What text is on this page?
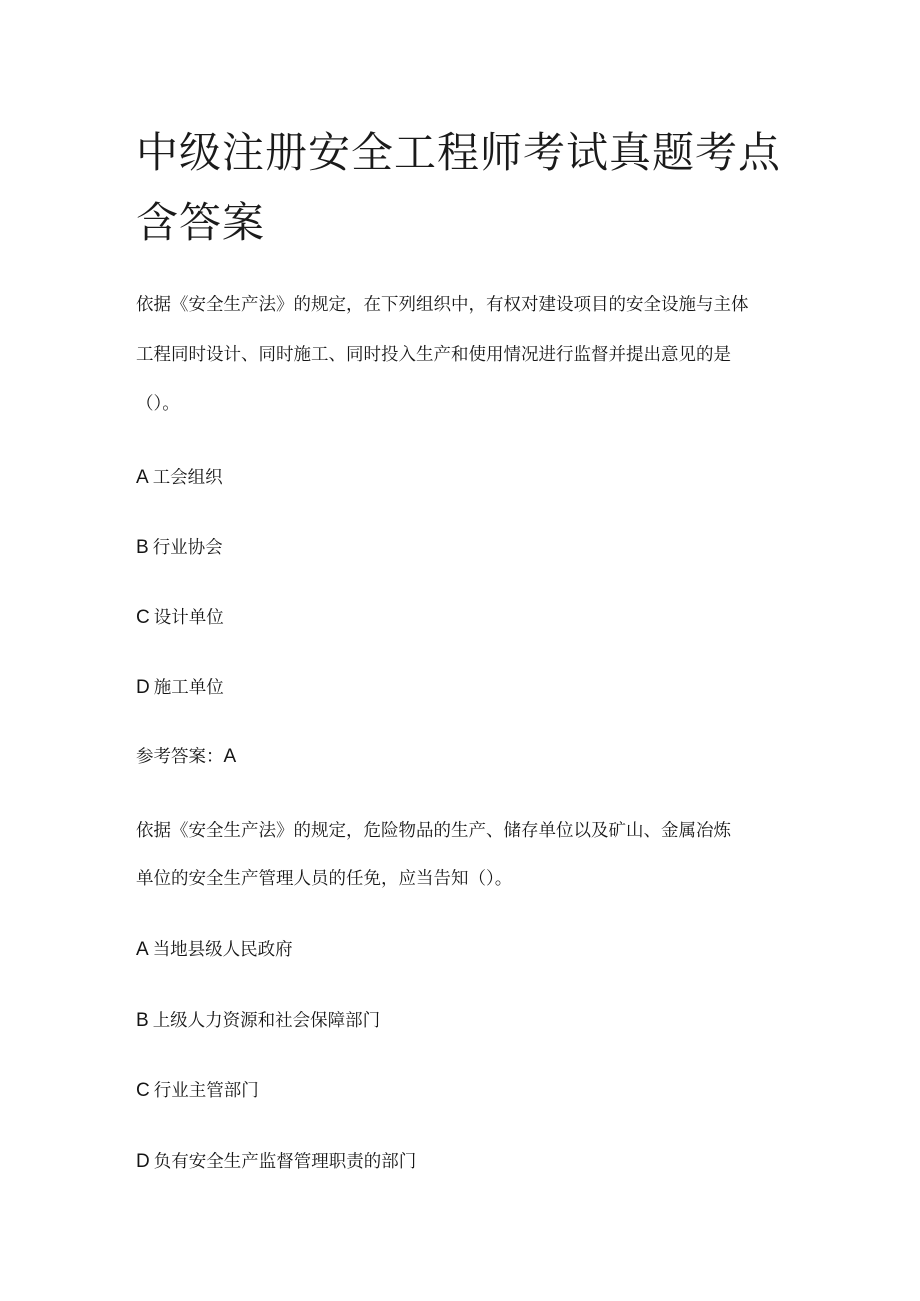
中级注册安全工程师考试真题考点
含答案
依据《安全生产法》的规定，在下列组织中，有权对建设项目的安全设施与主体
工程同时设计、同时施工、同时投入生产和使用情况进行监督并提出意见的是
（）。
A 工会组织
B 行业协会
C 设计单位
D 施工单位
参考答案：A
依据《安全生产法》的规定，危险物品的生产、储存单位以及矿山、金属冶炼
单位的安全生产管理人员的任免，应当告知（）。
A 当地县级人民政府
B 上级人力资源和社会保障部门
C 行业主管部门
D 负有安全生产监督管理职责的部门
